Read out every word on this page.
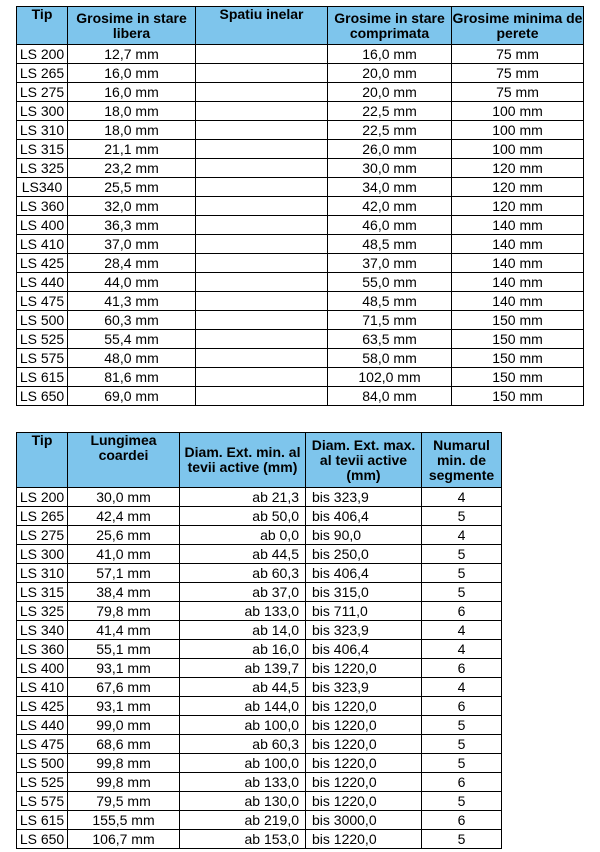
Tip	Grosime in stare libera	Spatiu inelar	Grosime in stare comprimata	Grosime minima de perete
LS 200	12,7 mm		16,0 mm	75 mm
LS 265	16,0 mm		20,0 mm	75 mm
LS 275	16,0 mm		20,0 mm	75 mm
LS 300	18,0 mm		22,5 mm	100 mm
LS 310	18,0 mm		22,5 mm	100 mm
LS 315	21,1 mm		26,0 mm	100 mm
LS 325	23,2 mm		30,0 mm	120 mm
LS340	25,5 mm		34,0 mm	120 mm
LS 360	32,0 mm		42,0 mm	120 mm
LS 400	36,3 mm		46,0 mm	140 mm
LS 410	37,0 mm		48,5 mm	140 mm
LS 425	28,4 mm		37,0 mm	140 mm
LS 440	44,0 mm		55,0 mm	140 mm
LS 475	41,3 mm		48,5 mm	140 mm
LS 500	60,3 mm		71,5 mm	150 mm
LS 525	55,4 mm		63,5 mm	150 mm
LS 575	48,0 mm		58,0 mm	150 mm
LS 615	81,6 mm		102,0 mm	150 mm
LS 650	69,0 mm		84,0 mm	150 mm
Tip	Lungimea coardei	Diam. Ext. min. al tevii active (mm)	Diam. Ext. max. al tevii active (mm)	Numarul min. de segmente
LS 200	30,0 mm	ab 21,3	bis 323,9	4
LS 265	42,4 mm	ab 50,0	bis 406,4	5
LS 275	25,6 mm	ab 0,0	bis 90,0	4
LS 300	41,0 mm	ab 44,5	bis 250,0	5
LS 310	57,1 mm	ab 60,3	bis 406,4	5
LS 315	38,4 mm	ab 37,0	bis 315,0	5
LS 325	79,8 mm	ab 133,0	bis 711,0	6
LS 340	41,4 mm	ab 14,0	bis 323,9	4
LS 360	55,1 mm	ab 16,0	bis 406,4	4
LS 400	93,1 mm	ab 139,7	bis 1220,0	6
LS 410	67,6 mm	ab 44,5	bis 323,9	4
LS 425	93,1 mm	ab 144,0	bis 1220,0	6
LS 440	99,0 mm	ab 100,0	bis 1220,0	5
LS 475	68,6 mm	ab 60,3	bis 1220,0	5
LS 500	99,8 mm	ab 100,0	bis 1220,0	5
LS 525	99,8 mm	ab 133,0	bis 1220,0	6
LS 575	79,5 mm	ab 130,0	bis 1220,0	5
LS 615	155,5 mm	ab 219,0	bis 3000,0	6
LS 650	106,7 mm	ab 153,0	bis 1220,0	5
